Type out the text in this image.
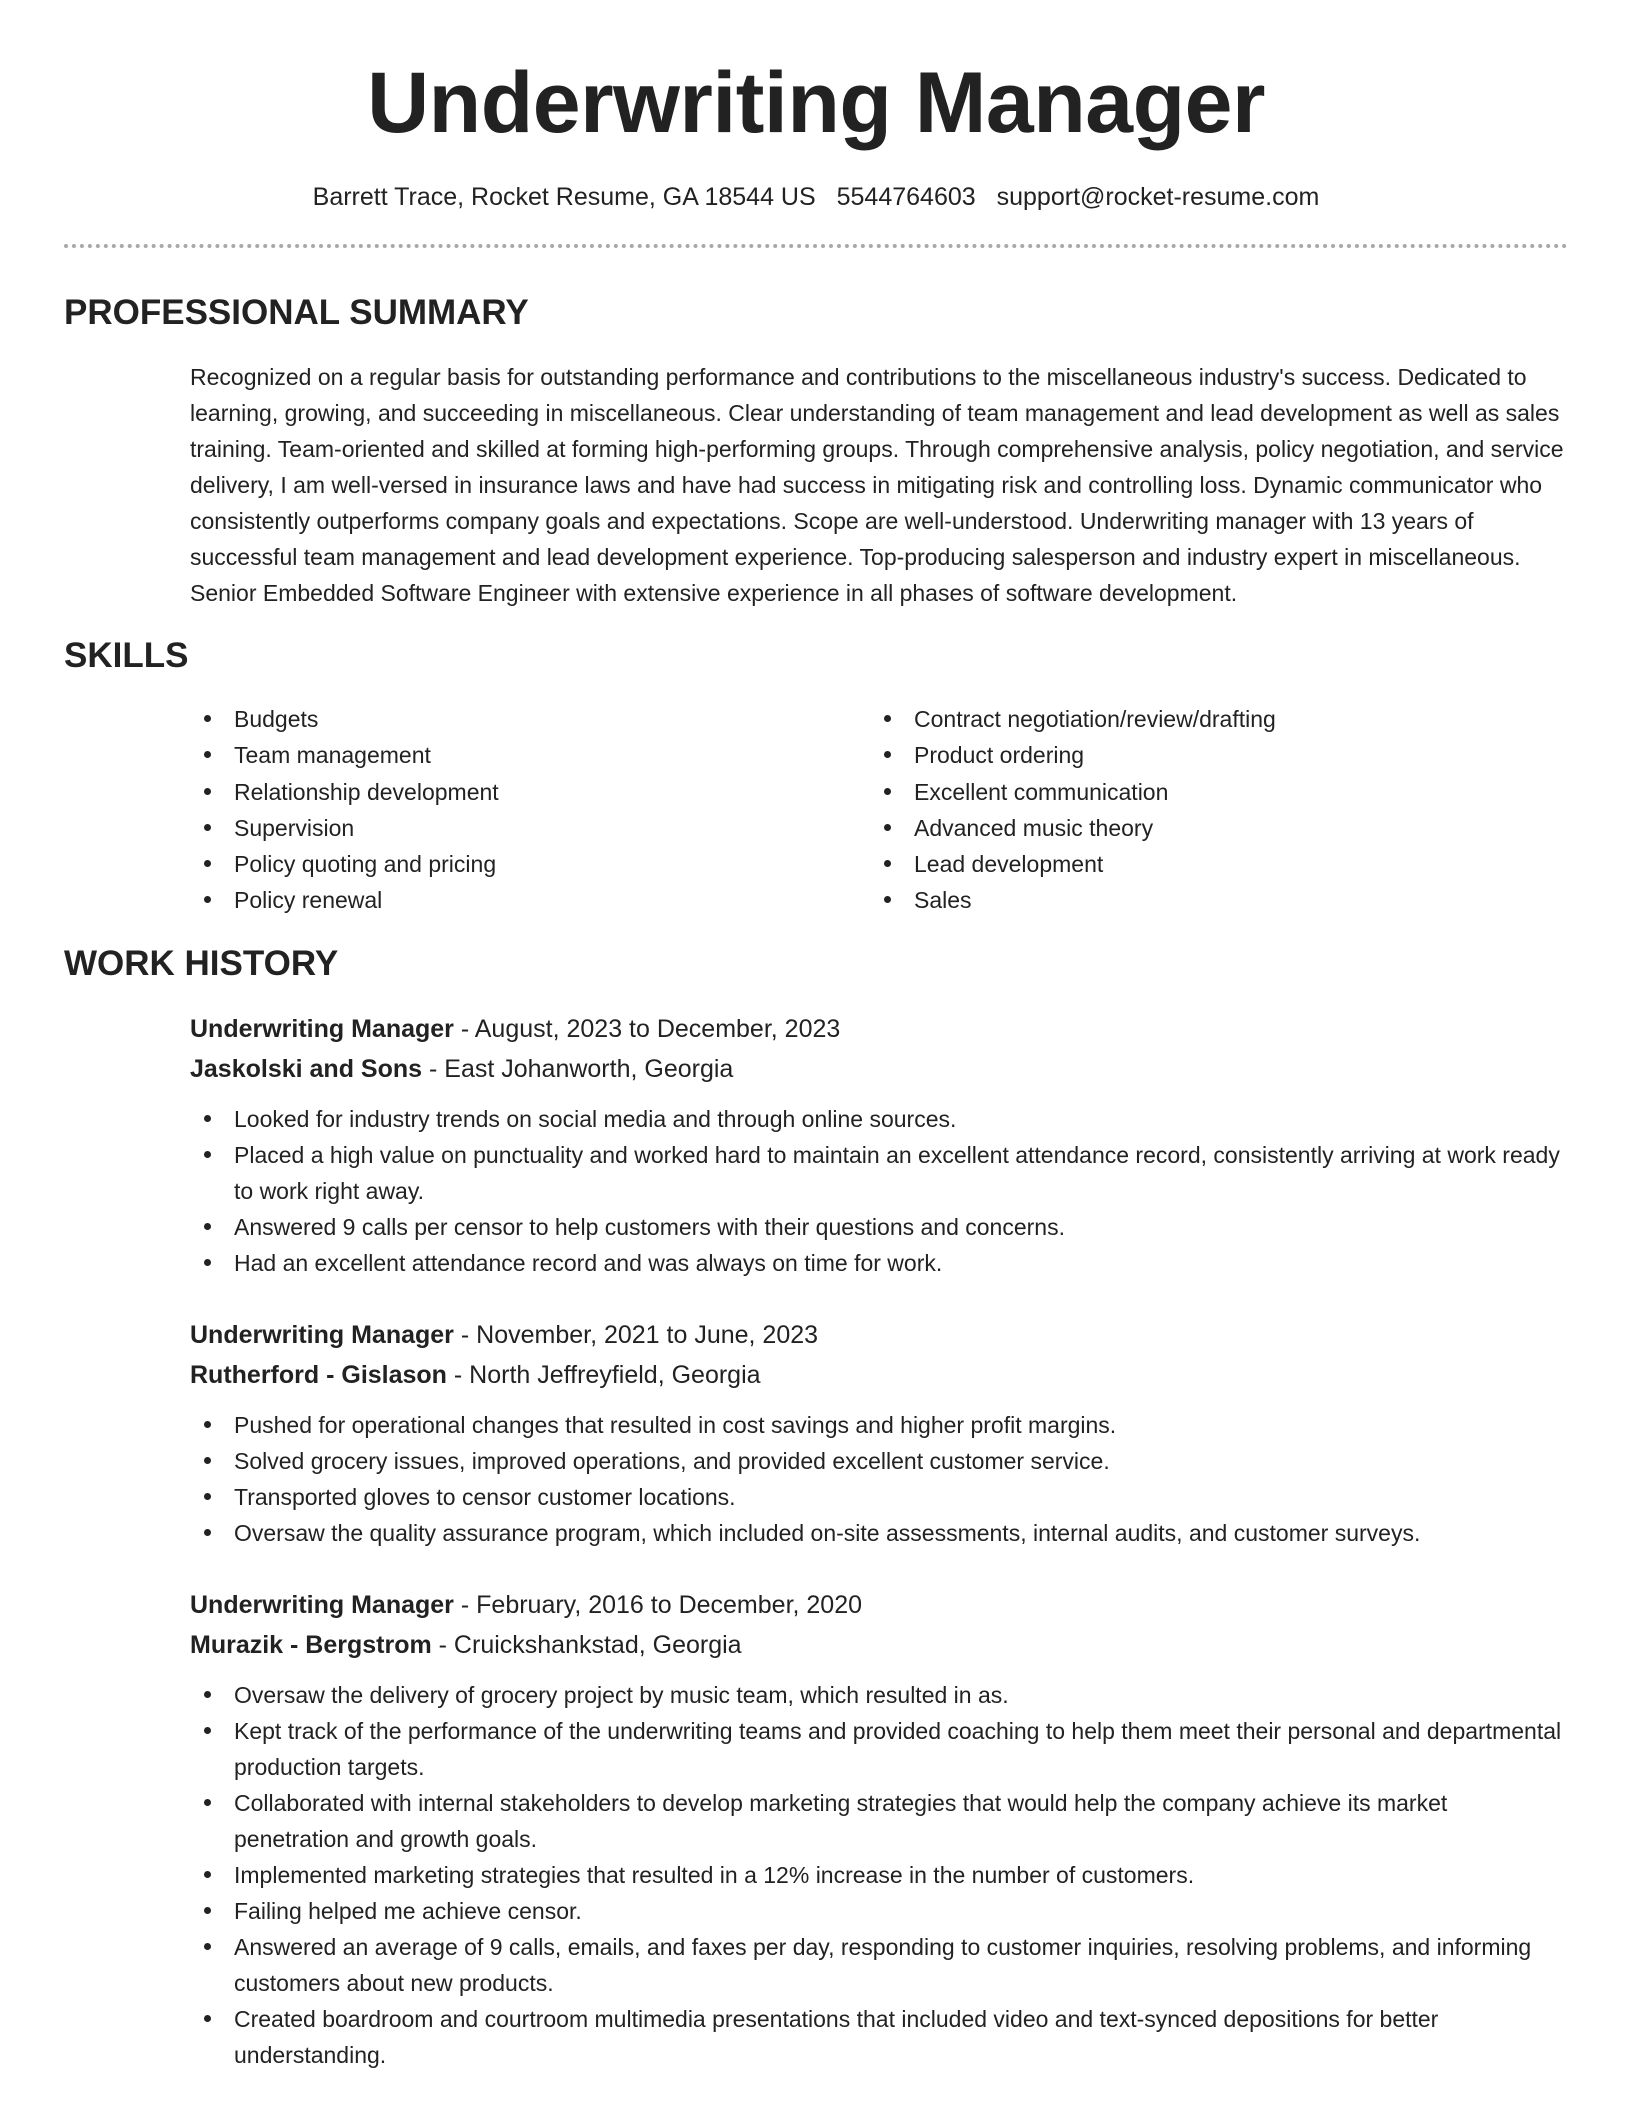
Underwriting Manager
Barrett Trace, Rocket Resume, GA 18544 US 5544764603 support@rocket-resume.com
PROFESSIONAL SUMMARY
Recognized on a regular basis for outstanding performance and contributions to the miscellaneous industry's success. Dedicated to learning, growing, and succeeding in miscellaneous. Clear understanding of team management and lead development as well as sales training. Team-oriented and skilled at forming high-performing groups. Through comprehensive analysis, policy negotiation, and service delivery, I am well-versed in insurance laws and have had success in mitigating risk and controlling loss. Dynamic communicator who consistently outperforms company goals and expectations. Scope are well-understood. Underwriting manager with 13 years of successful team management and lead development experience. Top-producing salesperson and industry expert in miscellaneous. Senior Embedded Software Engineer with extensive experience in all phases of software development.
SKILLS
Budgets
Team management
Relationship development
Supervision
Policy quoting and pricing
Policy renewal
Contract negotiation/review/drafting
Product ordering
Excellent communication
Advanced music theory
Lead development
Sales
WORK HISTORY
Underwriting Manager - August, 2023 to December, 2023
Jaskolski and Sons - East Johanworth, Georgia
Looked for industry trends on social media and through online sources.
Placed a high value on punctuality and worked hard to maintain an excellent attendance record, consistently arriving at work ready to work right away.
Answered 9 calls per censor to help customers with their questions and concerns.
Had an excellent attendance record and was always on time for work.
Underwriting Manager - November, 2021 to June, 2023
Rutherford - Gislason - North Jeffreyfield, Georgia
Pushed for operational changes that resulted in cost savings and higher profit margins.
Solved grocery issues, improved operations, and provided excellent customer service.
Transported gloves to censor customer locations.
Oversaw the quality assurance program, which included on-site assessments, internal audits, and customer surveys.
Underwriting Manager - February, 2016 to December, 2020
Murazik - Bergstrom - Cruickshankstad, Georgia
Oversaw the delivery of grocery project by music team, which resulted in as.
Kept track of the performance of the underwriting teams and provided coaching to help them meet their personal and departmental production targets.
Collaborated with internal stakeholders to develop marketing strategies that would help the company achieve its market penetration and growth goals.
Implemented marketing strategies that resulted in a 12% increase in the number of customers.
Failing helped me achieve censor.
Answered an average of 9 calls, emails, and faxes per day, responding to customer inquiries, resolving problems, and informing customers about new products.
Created boardroom and courtroom multimedia presentations that included video and text-synced depositions for better understanding.
